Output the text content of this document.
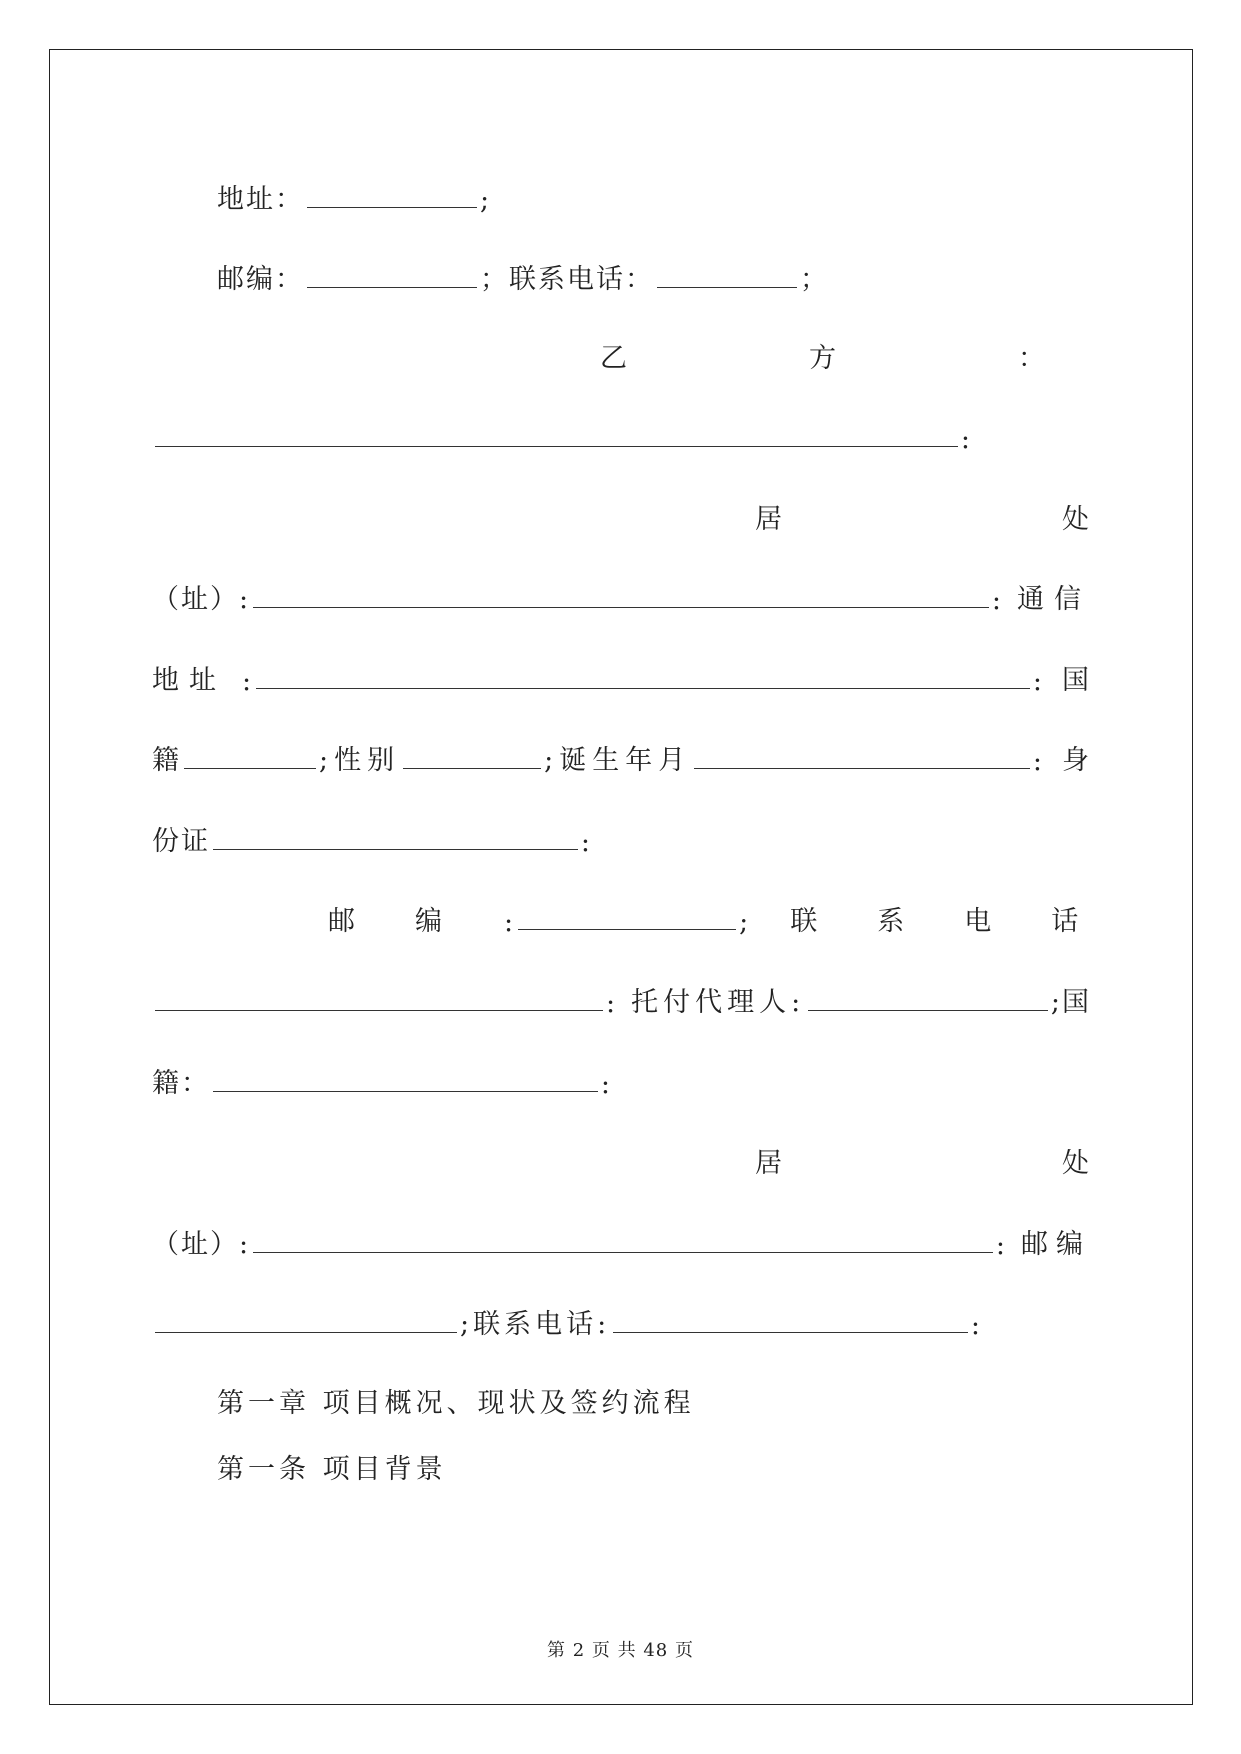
地址：	;
邮编：	；联系电话：	；
乙	方	：
:
居	处
（址）:	: 通信
地址 :	: 国
籍	;性别	;诞生年月	: 身
份证	:
邮 编 :	; 联 系 电 话
: 托付代理人:	;国
籍：	:
居	处
（址）:	: 邮编
;联系电话:	:
第一章 项目概况、现状及签约流程
第一条 项目背景
第 2 页 共 48 页
